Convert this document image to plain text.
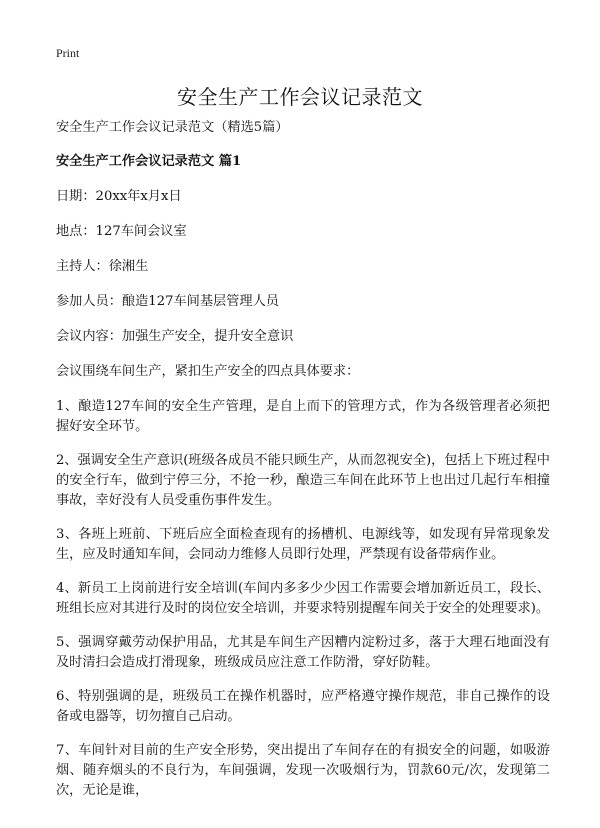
Print
安全生产工作会议记录范文

安全生产工作会议记录范文（精选5篇）

安全生产工作会议记录范文 篇1

日期：20xx年x月x日

地点：127车间会议室

主持人：徐湘生

参加人员：酿造127车间基层管理人员

会议内容：加强生产安全，提升安全意识

会议围绕车间生产，紧扣生产安全的四点具体要求：

1、酿造127车间的安全生产管理，是自上而下的管理方式，作为各级管理者必须把握好安全环节。

2、强调安全生产意识(班级各成员不能只顾生产，从而忽视安全)，包括上下班过程中的安全行车，做到宁停三分，不抢一秒，酿造三车间在此环节上也出过几起行车相撞事故，幸好没有人员受重伤事件发生。

3、各班上班前、下班后应全面检查现有的扬槽机、电源线等，如发现有异常现象发生，应及时通知车间，会同动力维修人员即行处理，严禁现有设备带病作业。

4、新员工上岗前进行安全培训(车间内多多少少因工作需要会增加新近员工，段长、班组长应对其进行及时的岗位安全培训，并要求特别提醒车间关于安全的处理要求)。

5、强调穿戴劳动保护用品，尤其是车间生产因糟内淀粉过多，落于大理石地面没有及时清扫会造成打滑现象，班级成员应注意工作防滑，穿好防鞋。

6、特别强调的是，班级员工在操作机器时，应严格遵守操作规范，非自己操作的设备或电器等，切勿擅自己启动。

7、车间针对目前的生产安全形势，突出提出了车间存在的有损安全的问题，如吸游烟、随弃烟头的不良行为，车间强调，发现一次吸烟行为，罚款60元/次，发现第二次，无论是谁，
